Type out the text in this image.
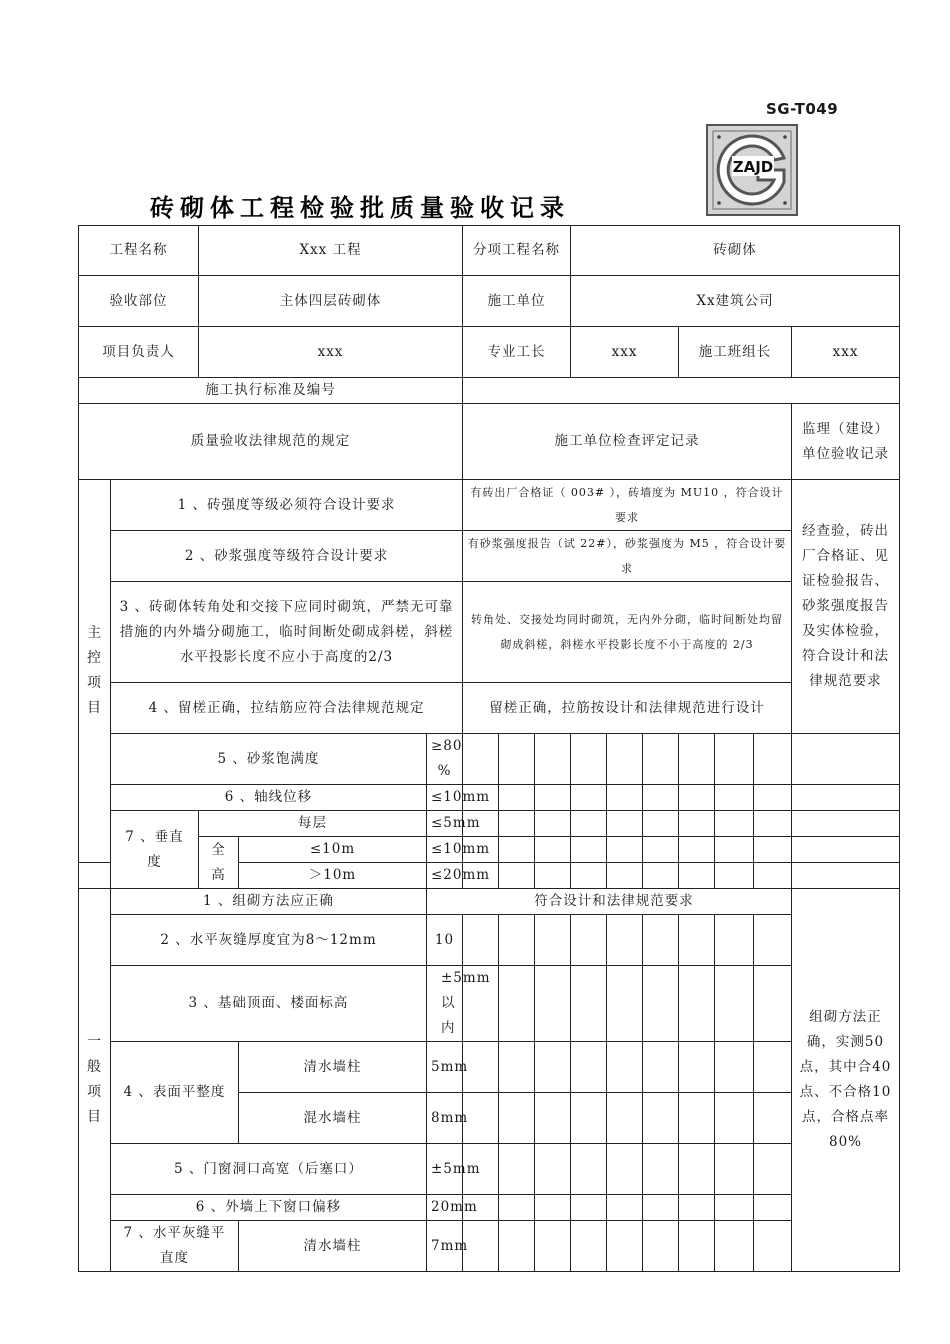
SG-T049
ZAJD
砖砌体工程检验批质量验收记录
工程名称		Xxx 工程			分项工程名称			砖砌体							
验收部位		主体四层砖砌体			施工单位			Xx建筑公司							
项目负责人		xxx			专业工长			xxx			施工班组长			xxx	
施工执行标准及编号															
质量验收法律规范的规定					施工单位检查评定记录									监理（建设）单位验收记录	
主控项目	1 、砖强度等级必须符合设计要求				有砖出厂合格证（ 003# ），砖墙度为 MU10 ，符合设计要求									经查验，砖出厂合格证、见证检验报告、砂浆强度报告及实体检验，符合设计和法律规范要求	
	2 、砂浆强度等级符合设计要求				有砂浆强度报告（试 22#），砂浆强度为 M5 ，符合设计要求										
	3 、砖砌体转角处和交接下应同时砌筑，严禁无可靠措施的内外墙分砌施工，临时间断处砌成斜槎，斜槎水平投影长度不应小于高度的2/3				转角处、交接处均同时砌筑，无内外分砌，临时间断处均留砌成斜槎，斜槎水平投影长度不小于高度的 2/3										
	4 、留槎正确，拉结筋应符合法律规范规定				留槎正确，拉筋按设计和法律规范进行设计										
	5 、砂浆饱满度			≥80 %											
	6 、轴线位移			≤10mm											
	7 、垂直度	每层		≤5mm											
		全高	≤10m	≤10mm											
			＞10m	≤20mm											
一般项目	1 、组砌方法应正确			符合设计和法律规范要求										组砌方法正确，实测50点，其中合40点、不合格10点，合格点率80%	
	2 、水平灰缝厚度宜为8～12mm			10											
	3 、基础顶面、楼面标高			±5mm 以内											
	4 、表面平整度		清水墙柱	5mm											
			混水墙柱	8mm											
	5 、门窗洞口高宽（后塞口）			±5mm											
	6 、外墙上下窗口偏移			20mm											
	7 、水平灰缝平直度		清水墙柱	7mm											
